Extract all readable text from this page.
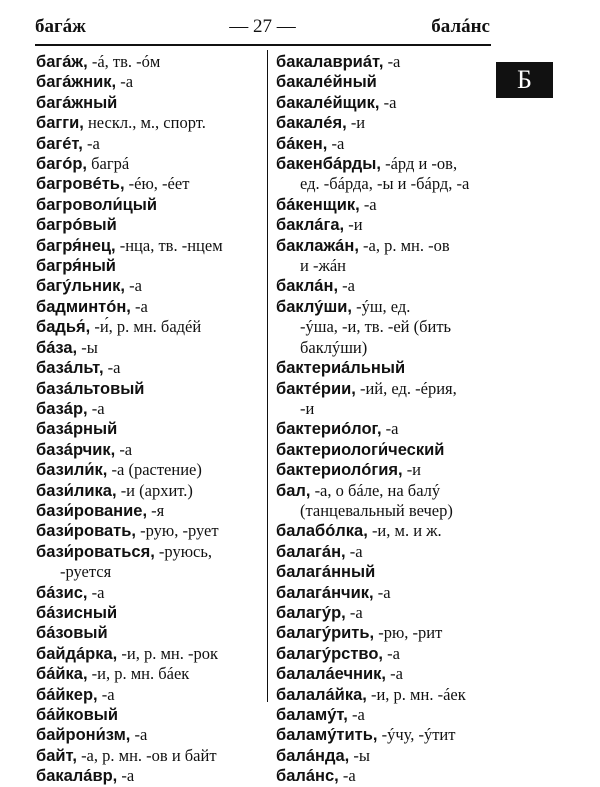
багáж	— 27 —	балáнс
багáж, -á, тв. -óм
багáжник, -а
багáжный
багги, нескл., м., спорт.
багéт, -а
багóр, багрá
багровéть, -éю, -éет
багроволи́цый
багрóвый
багря́нец, -нца, тв. -нцем
багря́ный
багýльник, -а
бадминтóн, -а
бадья́, -и́, р. мн. бадéй
бáза, -ы
базáльт, -а
базáльтовый
базáр, -а
базáрный
базáрчик, -а
базили́к, -а (растение)
бази́лика, -и (архит.)
бази́рование, -я
бази́ровать, -рую, -рует
бази́роваться, -руюсь,
-руется
бáзис, -а
бáзисный
бáзовый
байдáрка, -и, р. мн. -рок
бáйка, -и, р. мн. бáек
бáйкер, -а
бáйковый
байрони́зм, -а
байт, -а, р. мн. -ов и байт
бакалáвр, -а
бакалавриáт, -а
бакалéйный
бакалéйщик, -а
бакалéя, -и
бáкен, -а
бакенбáрды, -áрд и -ов,
ед. -бáрда, -ы и -бáрд, -а
бáкенщик, -а
баклáга, -и
баклажáн, -а, р. мн. -ов
и -жáн
баклáн, -а
баклýши, -ýш, ед.
-ýша, -и, тв. -ей (бить
баклýши)
бактериáльный
бактéрии, -ий, ед. -éрия,
-и
бактериóлог, -а
бактериологи́ческий
бактериолóгия, -и
бал, -а, о бáле, на балý
(танцевальный вечер)
балабóлка, -и, м. и ж.
балагáн, -а
балагáнный
балагáнчик, -а
балагýр, -а
балагýрить, -рю, -рит
балагýрство, -а
балалáечник, -а
балалáйка, -и, р. мн. -áек
баламýт, -а
баламýтить, -ýчу, -ýтит
балáнда, -ы
балáнс, -а
Б
